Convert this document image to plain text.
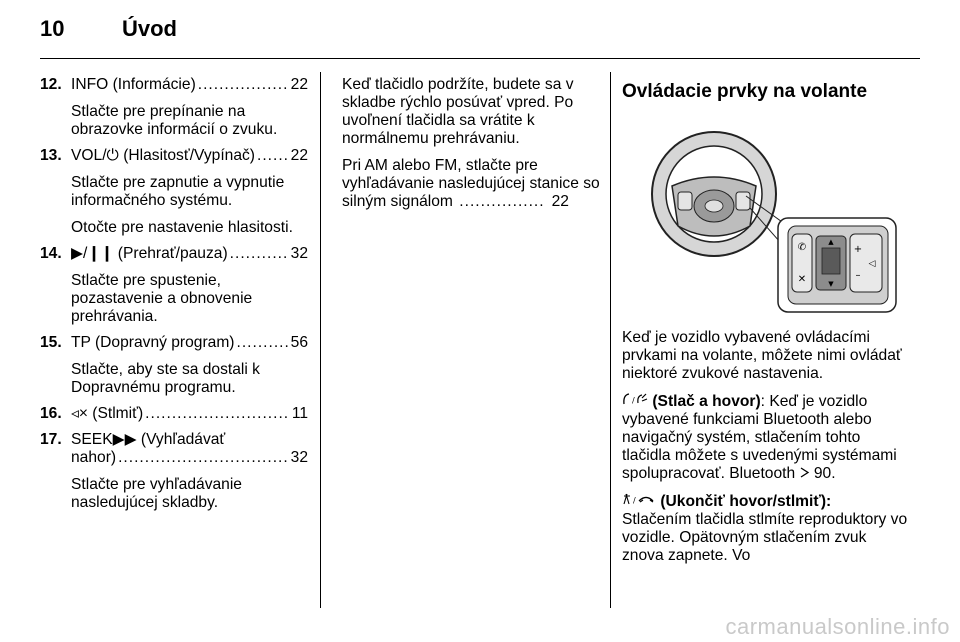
10	Úvod
12. INFO (Informácie) .....	22

Stlačte pre prepínanie na obrazovke informácií o zvuku.

13. VOL/⏻ (Hlasitosť/Vypínač) ..... 22

Stlačte pre zapnutie a vypnutie informačného systému.

Otočte pre nastavenie hlasitosti.

14. ▶/❙❙ (Prehrať/pauza) .....	32

Stlačte pre spustenie, pozastavenie a obnovenie prehrávania.

15. TP (Dopravný program) .....	56

Stlačte, aby ste sa dostali k Dopravnému programu.

16. ◃× (Stlmiť) .....	11
17. SEEK▶▶ (Vyhľadávať
nahor) .....	32

Stlačte pre vyhľadávanie nasledujúcej skladby.

Keď tlačidlo podržíte, budete sa v skladbe rýchlo posúvať vpred. Po uvoľnení tlačidla sa vrátite k normálnemu prehrávaniu.

Pri AM alebo FM, stlačte pre vyhľadávanie nasledujúcej stanice so silným signálom .....	22
Ovládacie prvky na volante
✆
✕
▲
▼
+
–
◁

Keď je vozidlo vybavené ovládacími prvkami na volante, môžete nimi ovládať niektoré zvukové nastavenia.

/ (Stlač a hovor): Keď je vozidlo vybavené funkciami Bluetooth alebo navigačný systém, stlačením tohto tlačidla môžete s uvedenými systémami spolupracovať. Bluetooth 90.

/ (Ukončiť hovor/stlmiť):
Stlačením tlačidla stlmíte reproduktory vo vozidle. Opätovným stlačením zvuk znova zapnete. Vo

carmanualsonline.info
